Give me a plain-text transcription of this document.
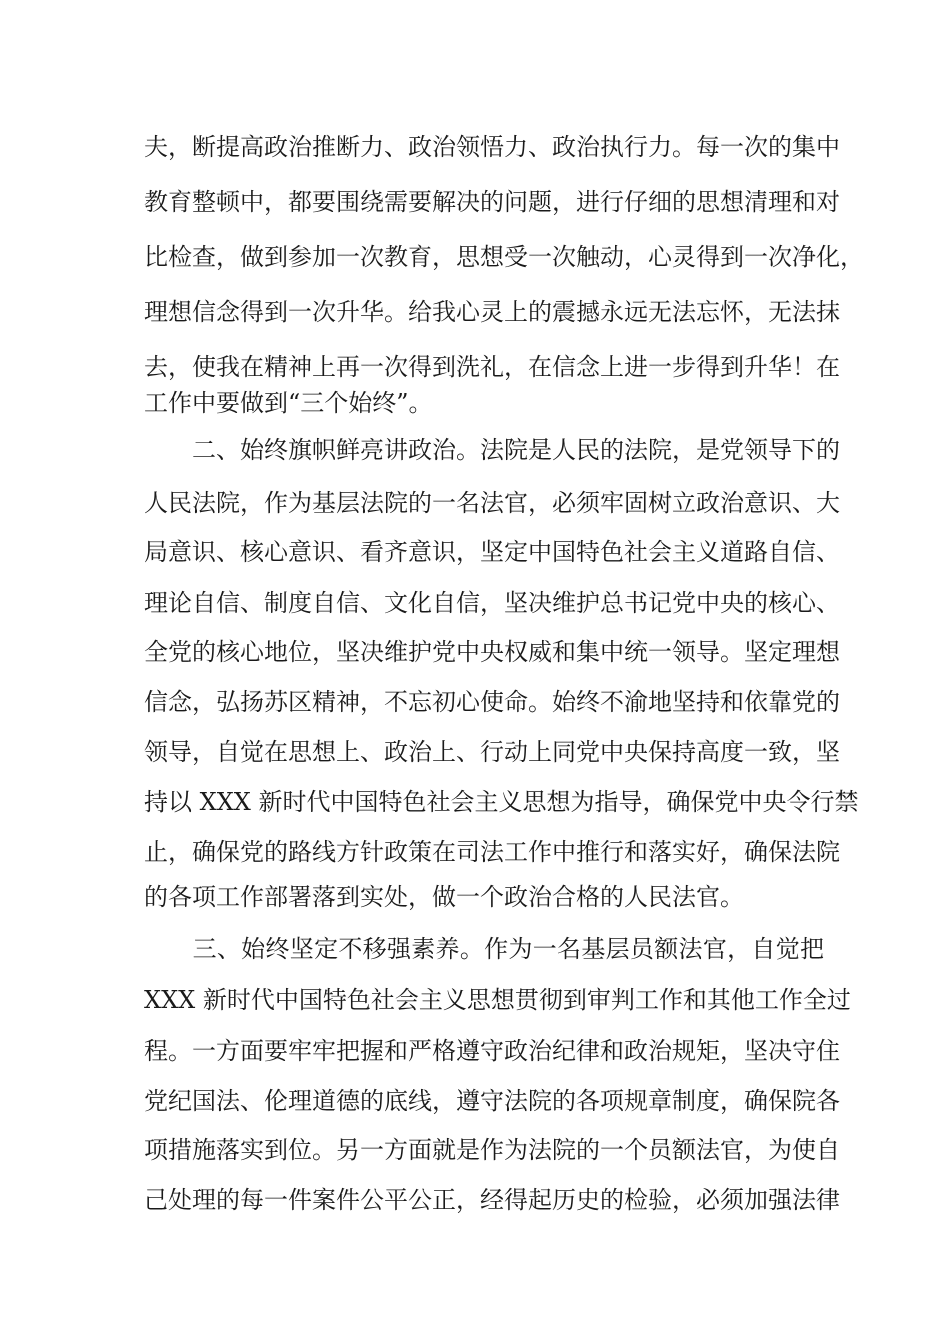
夫，断提高政治推断力、政治领悟力、政治执行力。每一次的集中
教育整顿中，都要围绕需要解决的问题，进行仔细的思想清理和对
比检查，做到参加一次教育，思想受一次触动，心灵得到一次净化，
理想信念得到一次升华。给我心灵上的震撼永远无法忘怀，无法抹
去，使我在精神上再一次得到洗礼，在信念上进一步得到升华！在
工作中要做到“三个始终”。
　　二、始终旗帜鲜亮讲政治。法院是人民的法院，是党领导下的
人民法院，作为基层法院的一名法官，必须牢固树立政治意识、大
局意识、核心意识、看齐意识，坚定中国特色社会主义道路自信、
理论自信、制度自信、文化自信，坚决维护总书记党中央的核心、
全党的核心地位，坚决维护党中央权威和集中统一领导。坚定理想
信念，弘扬苏区精神，不忘初心使命。始终不渝地坚持和依靠党的
领导，自觉在思想上、政治上、行动上同党中央保持高度一致，坚
持以 XXX 新时代中国特色社会主义思想为指导，确保党中央令行禁
止，确保党的路线方针政策在司法工作中推行和落实好，确保法院
的各项工作部署落到实处，做一个政治合格的人民法官。
　　三、始终坚定不移强素养。作为一名基层员额法官，自觉把
XXX 新时代中国特色社会主义思想贯彻到审判工作和其他工作全过
程。一方面要牢牢把握和严格遵守政治纪律和政治规矩，坚决守住
党纪国法、伦理道德的底线，遵守法院的各项规章制度，确保院各
项措施落实到位。另一方面就是作为法院的一个员额法官，为使自
己处理的每一件案件公平公正，经得起历史的检验，必须加强法律
